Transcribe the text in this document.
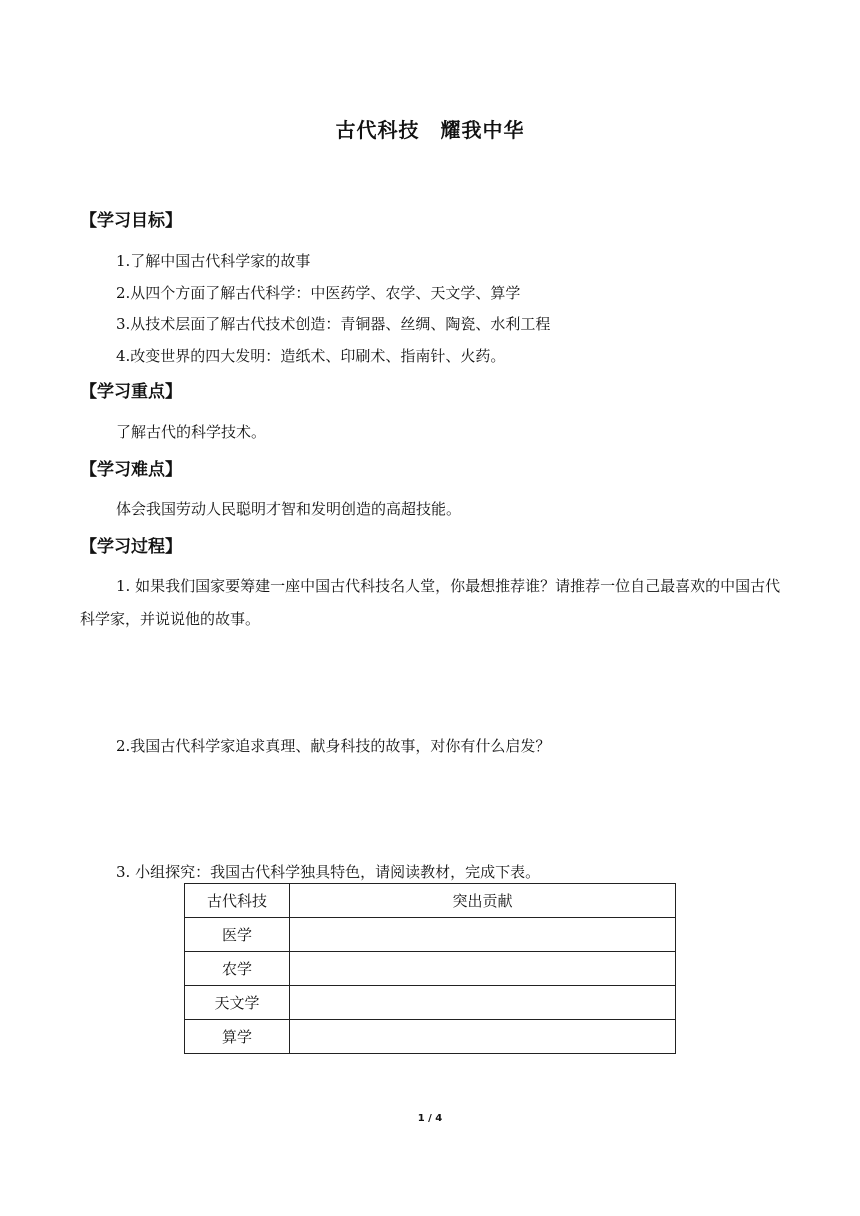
古代科技　耀我中华
【学习目标】
1.了解中国古代科学家的故事
2.从四个方面了解古代科学：中医药学、农学、天文学、算学
3.从技术层面了解古代技术创造：青铜器、丝绸、陶瓷、水利工程
4.改变世界的四大发明：造纸术、印刷术、指南针、火药。
【学习重点】
了解古代的科学技术。
【学习难点】
体会我国劳动人民聪明才智和发明创造的高超技能。
【学习过程】
1. 如果我们国家要筹建一座中国古代科技名人堂，你最想推荐谁？请推荐一位自己最喜欢的中国古代科学家，并说说他的故事。
2.我国古代科学家追求真理、献身科技的故事，对你有什么启发？
3. 小组探究：我国古代科学独具特色，请阅读教材，完成下表。
古代科技	突出贡献
医学	
农学	
天文学	
算学	
1 / 4
